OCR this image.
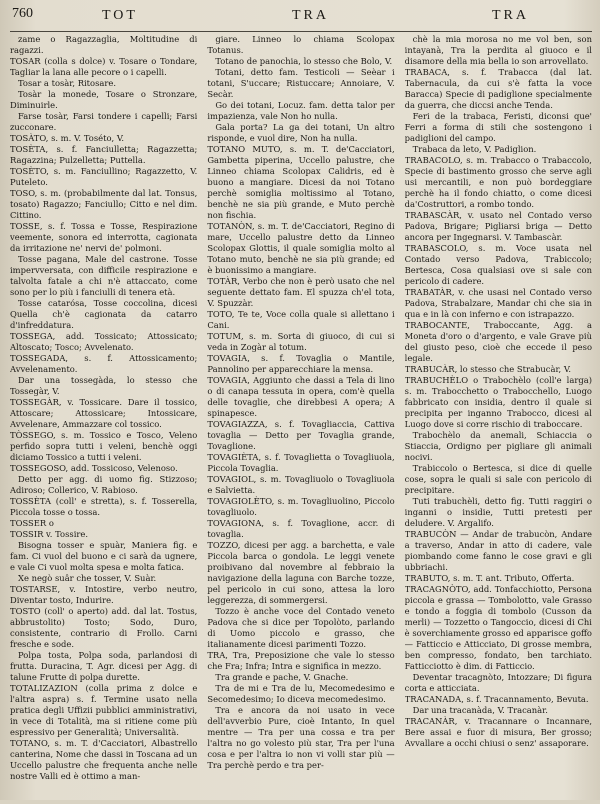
760	TOT	TRA	TRA

zame o Ragazzaglia, Moltitudine di ragazzi.

TOSAR (colla s dolce) v. Tosare o Tondare, Tagliar la lana alle pecore o i capelli.

Tosar a tosàr, Ritosare.

Tosàr la monede, Tosare o Stronzare, Diminuirle.

Farse tosàr, Farsi tondere i capelli; Farsi zucconare.

TOSÀTO, s. m. V. Toséto, V.

TOSÈTA, s. f. Fanciulletta; Ragazzetta; Ragazzina; Pulzelletta; Puttella.

TOSÈTO, s. m. Fanciullino; Ragazzetto, V. Puteleto.

TOSO, s. m. (probabilmente dal lat. Tonsus, tosato) Ragazzo; Fanciullo; Citto e nel dim. Cittino.

TOSSE, s. f. Tossa e Tosse, Respirazione veemente, sonora ed interrotta, cagionata da irritazione ne' nervi de' polmoni.

Tosse pagana, Male del castrone. Tosse impervversata, con difficile respirazione e talvolta fatale a chi n'è attaccato, come sono per lo più i fanciulli di tenera età.

Tosse catarósa, Tosse coccolina, dicesi Quella ch'è cagionata da catarro d'infreddatura.

TOSSEGA, add. Tossicato; Attossicato; Altoscato; Tosco; Avvelenato.

TOSSEGADA, s. f. Attossicamento; Avvelenamento.

Dar una tossegàda, lo stesso che Tossegàr, V.

TOSSEGÀR, v. Tossicare. Dare il tossico, Attoscare; Attossicare; Intossicare, Avvelenare, Ammazzare col tossico.

TÒSSEGO, s. m. Tossico e Tosco, Veleno perfido sopra tutti i veleni, benchè oggi diciamo Tossico a tutti i veleni.

TOSSEGOSO, add. Tossicoso, Velenoso.

Detto per agg. di uomo fig. Stizzoso; Adiroso; Collerico, V. Rabioso.

TOSSÈTA (coll' e stretta), s. f. Tosserella, Piccola tosse o tossa.

TOSSER o

TOSSIR v. Tossire.

Bisogna tosser e spuàr, Maniera fig. e fam. Ci vuol del buono e ci sarà da ugnere, e vale Ci vuol molta spesa e molta fatica.

Xe negò suâr che tosser, V. Suàr.

TOSTARSE, v. Intostire, verbo neutro, Diventar tosto, Indurire.

TOSTO (coll' o aperto) add. dal lat. Tostus, abbrustolito) Tosto; Sodo, Duro, consistente, contrario di Frollo. Carni fresche e sode.

Polpa tosta, Polpa soda, parlandosi di frutta. Duracina, T. Agr. dicesi per Agg. di talune Frutte di polpa durette.

TOTALIZAZION (colla prima z dolce e l'altra aspra) s. f. Termine usato nella pratica degli Uffizii pubblici amministrativi, in vece di Totalità, ma si ritiene come più espressivo per Generalità; Universalità.

TOTANO, s. m. T. d'Cacciatori, Albastrello canterina, Nome che dassi in Toscana ad un Uccello palustre che frequenta anche nelle nostre Valli ed è ottimo a man-

giare. Linneo lo chiama Scolopax Totanus.

Totano de panochia, lo stesso che Bolo, V.

Totani, detto fam. Testicoli — Seèar i totani, S'uccare; Ristuccare; Annoiare, V. Secàr.

Go dei totani, Locuz. fam. detta talor per impazienza, vale Non ho nulla.

Gala porta? La ga dei totani, Un altro risponde, e vuol dire, Non ha nulla.

TOTANO MUTO, s. m. T. de'Cacciatori, Gambetta piperina, Uccello palustre, che Linneo chiama Scolopax Calidris, ed è buono a mangiare. Dicesi da noi Totano perchè somiglia moltissimo al Totano, benchè ne sia più grande, e Muto perchè non fischia.

TOTANÒN, s. m. T. de'Cacciatori, Regino di mare, Uccello palustre detto da Linneo Scolopax Glottis, il quale somiglia molto al Totano muto, benchè ne sia più grande; ed è buonissimo a mangiare.

TOTÀR, Verbo che non è però usato che nel seguente dettato fam. El spuzza ch'el tota, V. Spuzzàr.

TOTO, Te te, Voce colla quale si allettano i Cani.

TOTUM, s. m. Sorta di giuoco, di cui si veda in Zogàr al totum.

TOVAGIA, s. f. Tovaglia o Mantile, Pannolino per apparecchiare la mensa.

TOVAGIA, Aggiunto che dassi a Tela di lino o di canapa tessuta in opera, com'è quella delle tovaglie, che direbbesi A opera; A spinapesce.

TOVAGIAZZA, s. f. Tovagliaccia, Cattiva tovaglia — Detto per Tovaglia grande, Tovaglione.

TOVAGIÈTA, s. f. Tovaglietta o Tovagliuola, Piccola Tovaglia.

TOVAGIOL, s. m. Tovagliuolo o Tovagliuola e Salvietta.

TOVAGIOLÈTO, s. m. Tovagliuolino, Piccolo tovagliuolo.

TOVAGIONA, s. f. Tovaglione, accr. di tovaglia.

TOZZO, dicesi per agg. a barchetta, e vale Piccola barca o gondola. Le leggi venete proibivano dal novembre al febbraio la navigazione della laguna con Barche tozze, pel pericolo in cui sono, attesa la loro leggerezza, di sommergersi.

Tozzo è anche voce del Contado veneto Padova che si dice per Topolòto, parlando di Uomo piccolo e grasso, che italianamente dicesi parimenti Tozzo.

TRA, Tra, Preposizione che vale lo stesso che Fra; Infra; Intra e significa in mezzo.

Tra grande e pache, V. Gnache.

Tra de mi e Tra de lu, Mecomedesimo e Secomedesimo; Io diceva mecomedesimo.

Tra e ancora da noi usato in vece dell'avverbio Pure, cioè Intanto, In quel mentre — Tra per una cossa e tra per l'altra no go volesto più star, Tra per l'una cosa e per l'altra io non vi volli star più — Tra perchè perdo e tra per-

chè la mia morosa no me vol ben, son intayanà, Tra la perdita al giuoco e il disamore della mia bella io son arrovellato.

TRABACA, s. f. Trabacca (dal lat. Tabernacula, da cui s'è fatta la voce Baracca) Specie di padiglione specialmente da guerra, che diccsi anche Tenda.

Feri de la trabaca, Feristi, diconsi que' Ferri a forma di stili che sostengono i padiglioni del campo.

Trabaca da leto, V. Padiglion.

TRABACOLO, s. m. Trabacco o Trabaccolo, Specie di bastimento grosso che serve agli usi mercantili, e non può bordeggiare perchè ha il fondo chiatto, o come dicesi da'Costruttori, a rombo tondo.

TRABASCÀR, v. usato nel Contado verso Padova, Brigare; Pigliarsi briga — Detto ancora per Ingegnarsi. V. Tambascàr.

TRABASCOLO, s. m. Voce usata nel Contado verso Padova, Trabiccolo; Bertesca, Cosa qualsiasi ove si sale con pericolo di cadere.

TRABATÀR, v. che usasi nel Contado verso Padova, Strabalzare, Mandar chi che sia in qua e in là con inferno e con istrapazzo.

TRABOCANTE, Traboccante, Agg. a Moneta d'oro o d'argento, e vale Grave più del giusto peso, cioè che eccede il peso legale.

TRABUCÀR, lo stesso che Strabucàr, V.

TRABUCHÈLO o Trabochèlo (coll'e larga) s. m. Trabocchetto o Trabocchello, Luogo fabbricato con insidia, dentro il quale si precipita per inganno Trabocco, dicesi al Luogo dove si corre rischio di traboccare.

Trabochèlo da anemali, Schiaccia o Stiaccia, Ordigno per pigliare gli animali nocivi.

Trabiccolo o Bertesca, si dice di quelle cose, sopra le quali si sale con pericolo di precipitare.

Tuti trabuchèli, detto fig. Tutti raggiri o inganni o insidie, Tutti pretesti per deludere. V. Argalifo.

TRABUCÒN — Andar de trabucòn, Andare a traverso, Andar in atto di cadere, vale piombando come fanno le cose gravi e gli ubbriachi.

TRABUTO, s. m. T. ant. Tributo, Offerta.

TRACAGNÒTO, add. Tonfacchiotto, Persona piccola e grassa — Tombolotto, vale Grasso e tondo a foggia di tombolo (Cusson da merli) — Tozzetto o Tangoccio, dicesi di Chi è soverchiamente grosso ed apparisce goffo — Fatticcio e Atticciato, Di grosse membra, ben compresso, fondato, ben tarchiato. Fatticciotto è dim. di Fatticcio.

Deventar tracagnòto, Intozzare; Di figura corta e atticciata.

TRACANADA, s. f. Tracannamento, Bevuta.

Dar una tracanàda, V. Tracanàr.

TRACANÀR, v. Tracannare o Incannare, Bere assai e fuor di misura, Ber grosso; Avvallare a occhi chiusi o senz' assaporare.
